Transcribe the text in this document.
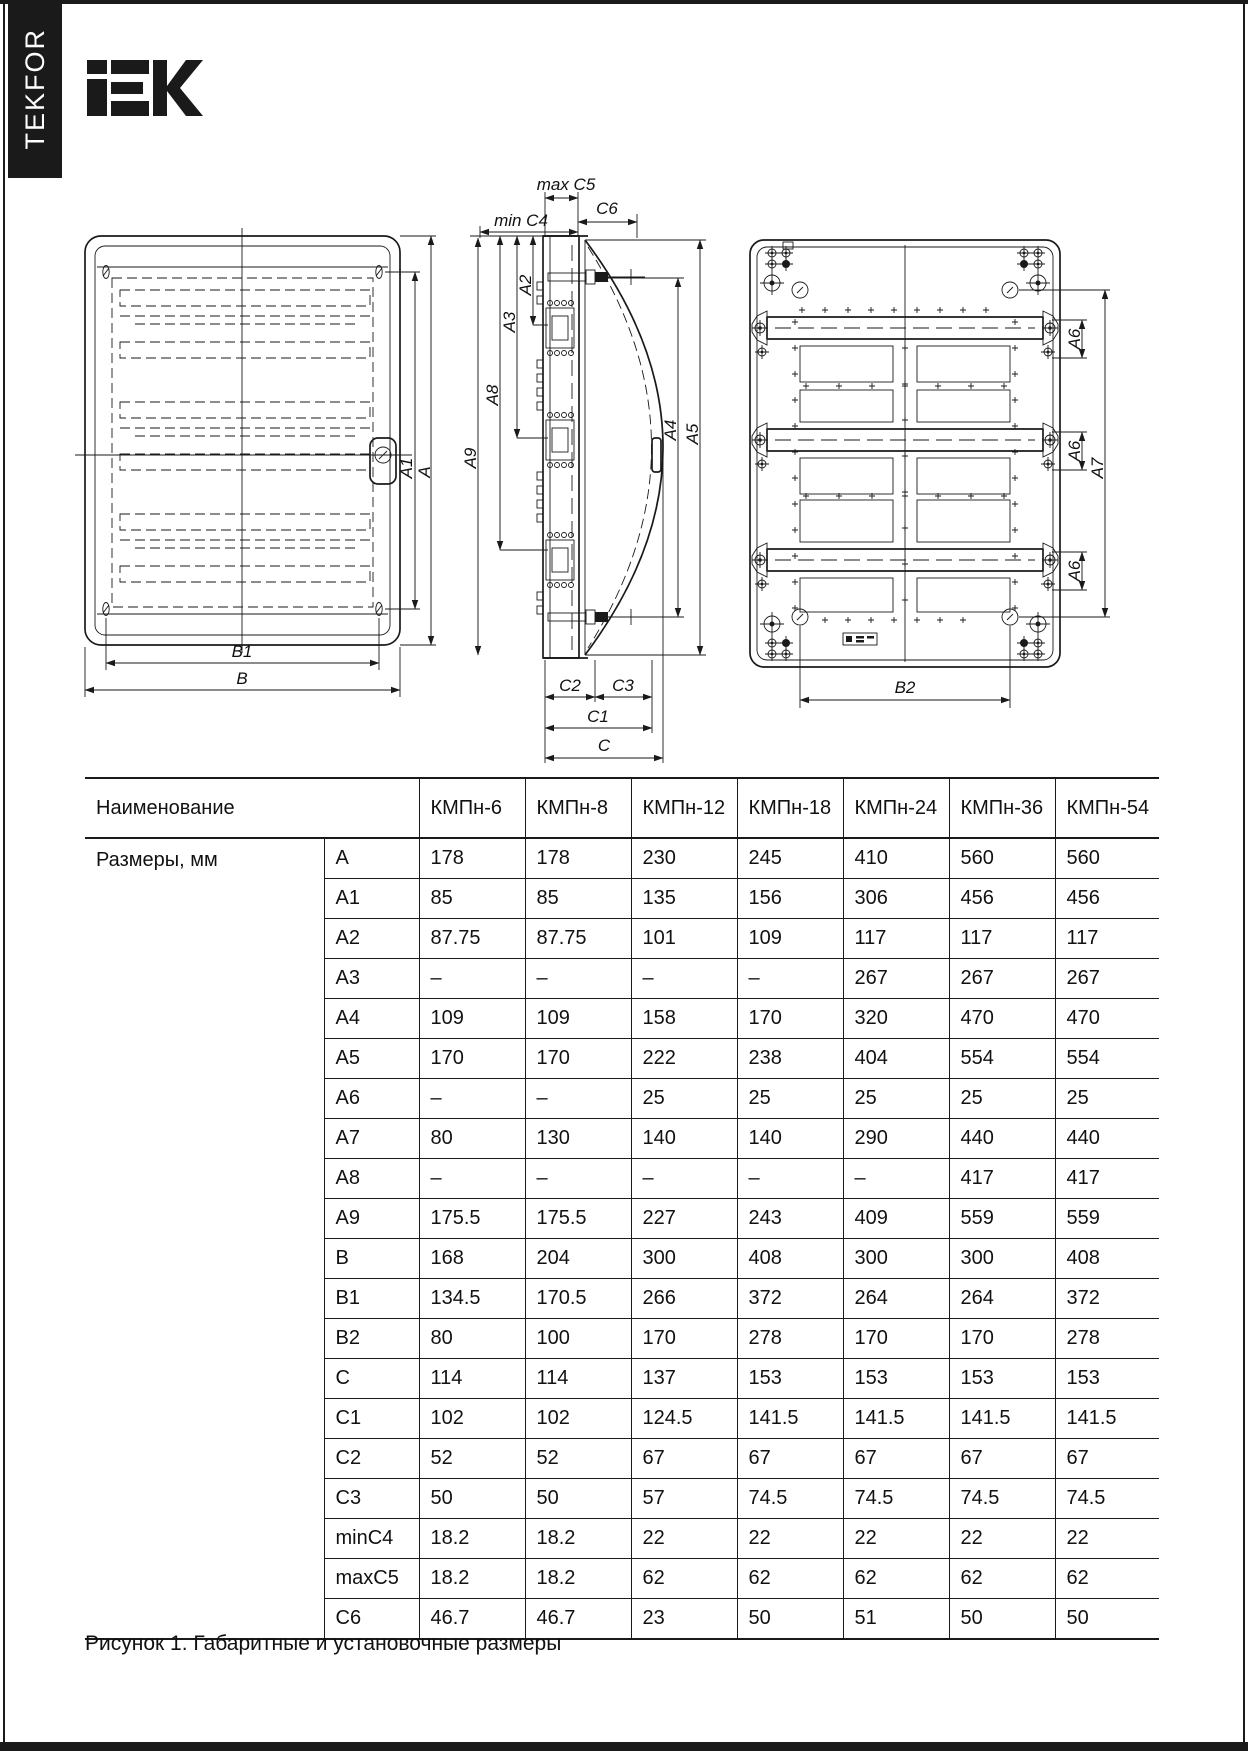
TEKFOR
A1 A
B1
B
max C5
C6
min C4
A2
A3
A8
A9
A4 A5
C2 C3
C1
C
A7
B2
A6
A6
A6
Наименование		КМПн-6	КМПн-8	КМПн-12	КМПн-18	КМПн-24	КМПн-36	КМПн-54
Размеры, мм	A	178	178	230	245	410	560	560
	A1	85	85	135	156	306	456	456
	A2	87.75	87.75	101	109	117	117	117
	A3	–	–	–	–	267	267	267
	A4	109	109	158	170	320	470	470
	A5	170	170	222	238	404	554	554
	A6	–	–	25	25	25	25	25
	A7	80	130	140	140	290	440	440
	A8	–	–	–	–	–	417	417
	A9	175.5	175.5	227	243	409	559	559
	B	168	204	300	408	300	300	408
	B1	134.5	170.5	266	372	264	264	372
	B2	80	100	170	278	170	170	278
	C	114	114	137	153	153	153	153
	C1	102	102	124.5	141.5	141.5	141.5	141.5
	C2	52	52	67	67	67	67	67
	C3	50	50	57	74.5	74.5	74.5	74.5
	minC4	18.2	18.2	22	22	22	22	22
	maxC5	18.2	18.2	62	62	62	62	62
	C6	46.7	46.7	23	50	51	50	50
Рисунок 1. Габаритные и установочные размеры
